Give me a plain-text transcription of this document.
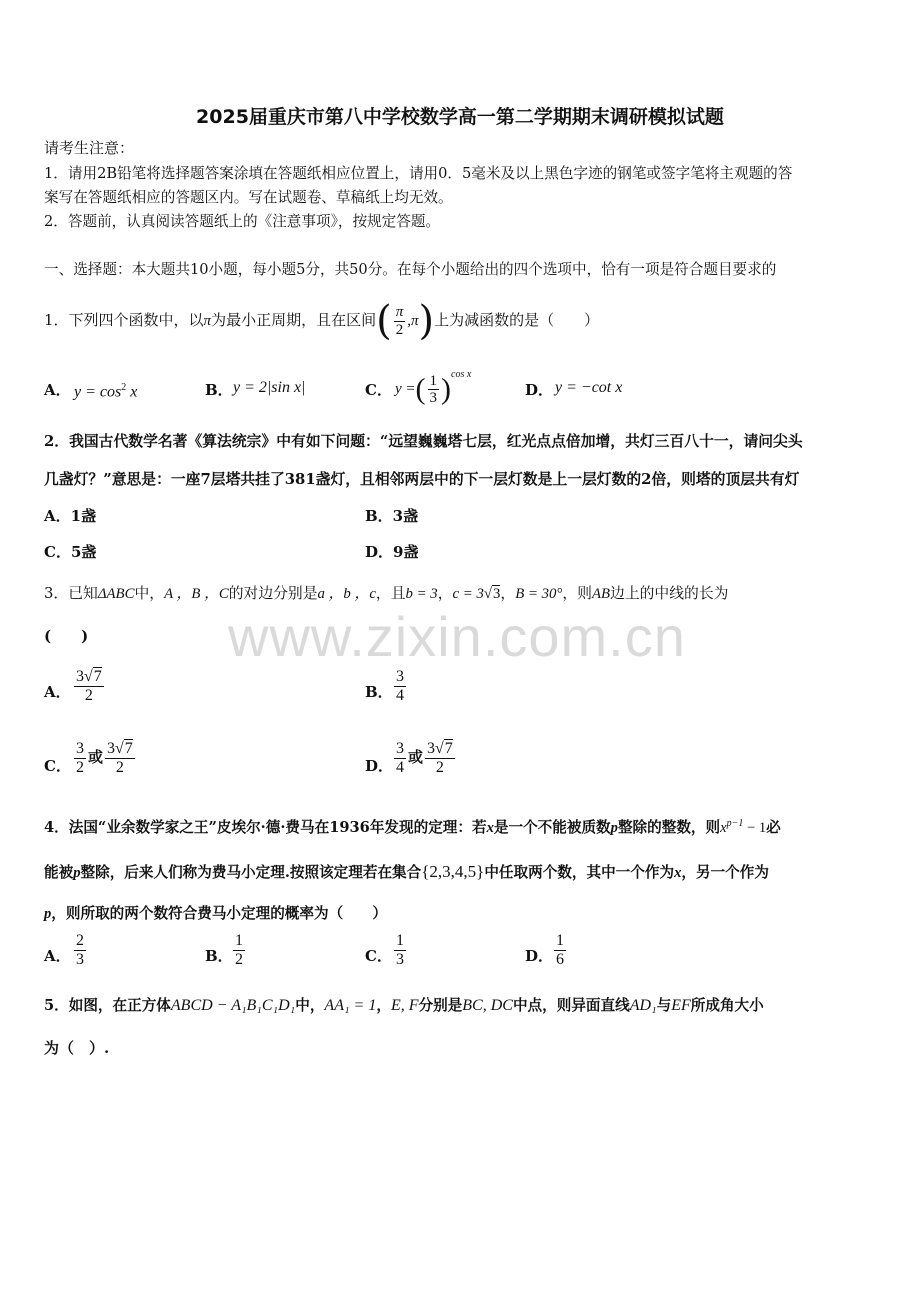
2025届重庆市第八中学校数学高一第二学期期末调研模拟试题
请考生注意：
1．请用2B铅笔将选择题答案涂填在答题纸相应位置上，请用0．5毫米及以上黑色字迹的钢笔或签字笔将主观题的答
案写在答题纸相应的答题区内。写在试题卷、草稿纸上均无效。
2．答题前，认真阅读答题纸上的《注意事项》，按规定答题。
一、选择题：本大题共10小题，每小题5分，共50分。在每个小题给出的四个选项中，恰有一项是符合题目要求的
1．下列四个函数中，以π为最小正周期，且在区间( $\frac{\pi}{2} ,\pi$)上为减函数的是（　　）
A． $y = \cos^2 x$	B． y = 2|sin x|	C． y =( $\frac{1}{3} )^{cos x}$
D． y = −cot x
2．我国古代数学名著《算法统宗》中有如下问题：“远望巍巍塔七层，红光点点倍加增，共灯三百八十一，请问尖头
几盏灯？”意思是：一座7层塔共挂了381盏灯，且相邻两层中的下一层灯数是上一层灯数的2倍，则塔的顶层共有灯
A．1盏	B．3盏
C．5盏	D．9盏
3．已知ΔABC中，A ，B ，C的对边分别是a ，b ，c，且b = 3，c = 3√3，B = 30°，则AB边上的中线的长为
(　　)
A． $\frac{3√7}{2}$	B． $\frac{3}{4}$
C． $\frac{3}{2}$ 或 $\frac{3√7}{2}$	D． $\frac{3}{4}$ 或 $\frac{3√7}{2}$
4．法国“业余数学家之王”皮埃尔·德·费马在1936年发现的定理：若x是一个不能被质数p整除的整数，则$x^{p-1} - 1$必
能被p整除，后来人们称为费马小定理.按照该定理若在集合{2,3,4,5}中任取两个数，其中一个作为x，另一个作为
p，则所取的两个数符合费马小定理的概率为（　　）
A． $\frac{2}{3}$	B． $\frac{1}{2}$	C． $\frac{1}{3}$	D． $\frac{1}{6}$
5．如图，在正方体ABCD − A₁B₁C₁D₁中，AA₁ = 1，E, F分别是BC, DC中点，则异面直线AD₁与EF所成角大小
为（　）.
www.zixin.com.cn
